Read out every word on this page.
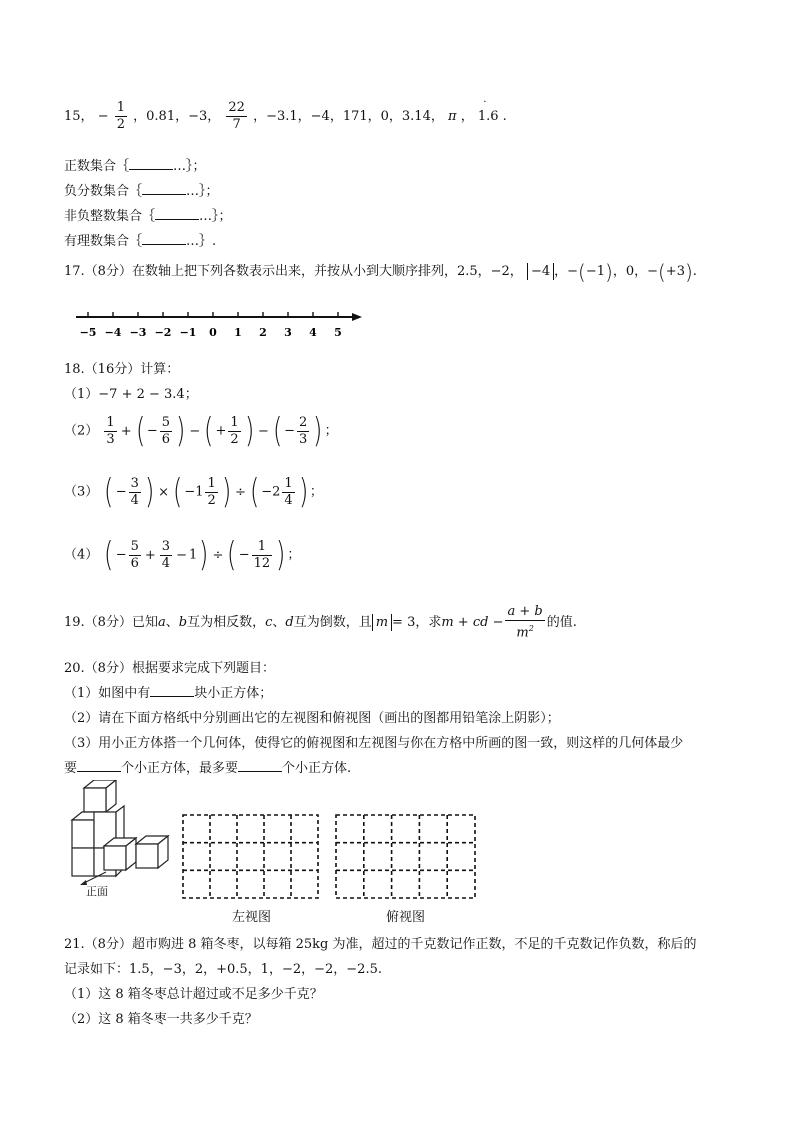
15， − $\frac{1}{2}$ ，0.81，−3， $\frac{22}{7}$ ，−3.1，−4，171，0，3.14， π ， 1.6 ˙ .
正数集合｛	…｝；
负分数集合｛	…｝；
非负整数集合｛	…｝；
有理数集合｛	…｝.
17.（8分）在数轴上把下列各数表示出来，并按从小到大顺序排列，2.5，−2， −4 ，−(−1)，0，−(+3).
−5 −4 −3 −2 −1 0 1 2 3 4 5
18.（16分）计算：
（1）−7 + 2 − 3.4；
$(2) \frac{1}{3}$ + ( − $\frac{5}{6}$ ) − ( + $\frac{1}{2}$ ) − ( − $\frac{2}{3}$ ) ；
（3） ( − $\frac{3}{4}$ ) × ( $-1 \frac{1}{2}$ ) ÷ ( $-2 \frac{1}{4}$ ) ；
（4） ( − $\frac{5}{6} + \frac{3}{4} - 1$) ÷ ( − $\frac{1}{12}$ ) ；
19.（8分）已知a、b互为相反数，c、d互为倒数，且 m = 3，求m + cd − $\frac{a + b}{m^2}$ 的值.
20.（8分）根据要求完成下列题目：
（1）如图中有	块小正方体；
（2）请在下面方格纸中分别画出它的左视图和俯视图（画出的图都用铅笔涂上阴影）；
（3）用小正方体搭一个几何体，使得它的俯视图和左视图与你在方格中所画的图一致，则这样的几何体最少
要	个小正方体，最多要	个小正方体.
正面
左视图	俯视图
21.（8分）超市购进 8 箱冬枣，以每箱 25kg 为准，超过的千克数记作正数，不足的千克数记作负数，称后的
记录如下：1.5，−3，2，+0.5，1，−2，−2，−2.5.
（1）这 8 箱冬枣总计超过或不足多少千克？
（2）这 8 箱冬枣一共多少千克？
